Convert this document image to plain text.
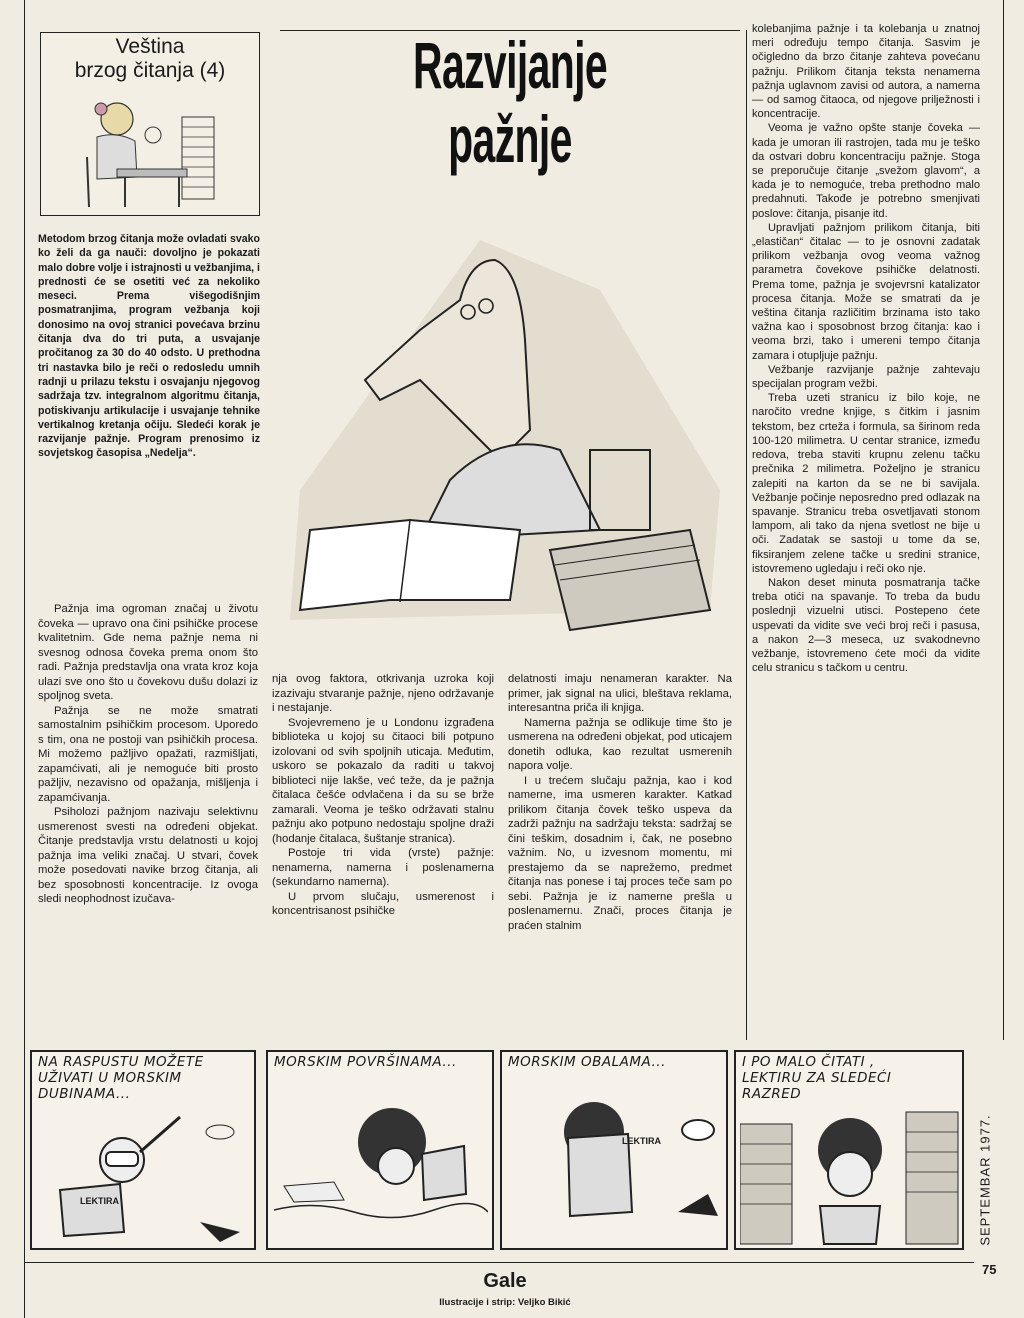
Veština
brzog čitanja (4)	Razvijanje
pažnje
Metodom brzog čitanja može ovladati svako ko želi da ga nauči: dovoljno je pokazati malo dobre volje i istrajnosti u vežbanjima, i prednosti će se osetiti već za nekoliko meseci. Prema višegodišnjim posmatranjima, program vežbanja koji donosimo na ovoj stranici povećava brzinu čitanja dva do tri puta, a usvajanje pročitanog za 30 do 40 odsto. U prethodna tri nastavka bilo je reči o redosledu umnih radnji u prilazu tekstu i osvajanju njegovog sadržaja tzv. integralnom algoritmu čitanja, potiskivanju artikulacije i usvajanje tehnike vertikalnog kretanja očiju. Sledeći korak je razvijanje pažnje. Program prenosimo iz sovjetskog časopisa „Nedelja“.

Pažnja ima ogroman značaj u životu čoveka — upravo ona čini psihičke procese kvalitetnim. Gde nema pažnje nema ni svesnog odnosa čoveka prema onom što radi. Pažnja predstavlja ona vrata kroz koja ulazi sve ono što u čovekovu dušu dolazi iz spoljnog sveta.

Pažnja se ne može smatrati samostalnim psihičkim procesom. Uporedo s tim, ona ne postoji van psihičkih procesa. Mi možemo pažljivo opažati, razmišljati, zapamćivati, ali je nemoguće biti prosto pažljiv, nezavisno od opažanja, mišljenja i zapamćivanja.

Psiholozi pažnjom nazivaju selektivnu usmerenost svesti na određeni objekat. Čitanje predstavlja vrstu delatnosti u kojoj pažnja ima veliki značaj. U stvari, čovek može posedovati navike brzog čitanja, ali bez sposobnosti koncentracije. Iz ovoga sledi neophodnost izučava-

nja ovog faktora, otkrivanja uzroka koji izazivaju stvaranje pažnje, njeno održavanje i nestajanje.

Svojevremeno je u Londonu izgrađena biblioteka u kojoj su čitaoci bili potpuno izolovani od svih spoljnih uticaja. Međutim, uskoro se pokazalo da raditi u takvoj biblioteci nije lakše, već teže, da je pažnja čitalaca češće odvlačena i da su se brže zamarali. Veoma je teško održavati stalnu pažnju ako potpuno nedostaju spoljne draži (hodanje čitalaca, šuštanje stranica).

Postoje tri vida (vrste) pažnje: nenamerna, namerna i poslenamerna (sekundarno namerna).

U prvom slučaju, usmerenost i koncentrisanost psihičke

delatnosti imaju nenameran karakter. Na primer, jak signal na ulici, bleštava reklama, interesantna priča ili knjiga.

Namerna pažnja se odlikuje time što je usmerena na određeni objekat, pod uticajem donetih odluka, kao rezultat usmerenih napora volje.

I u trećem slučaju pažnja, kao i kod namerne, ima usmeren karakter. Katkad prilikom čitanja čovek teško uspeva da zadrži pažnju na sadržaju teksta: sadržaj se čini teškim, dosadnim i, čak, ne posebno važnim. No, u izvesnom momentu, mi prestajemo da se naprežemo, predmet čitanja nas ponese i taj proces teče sam po sebi. Pažnja je iz namerne prešla u poslenamernu. Znači, proces čitanja je praćen stalnim

kolebanjima pažnje i ta kolebanja u znatnoj meri određuju tempo čitanja. Sasvim je očigledno da brzo čitanje zahteva povećanu pažnju. Prilikom čitanja teksta nenamerna pažnja uglavnom zavisi od autora, a namerna — od samog čitaoca, od njegove prilježnosti i koncentracije.

Veoma je važno opšte stanje čoveka — kada je umoran ili rastrojen, tada mu je teško da ostvari dobru koncentraciju pažnje. Stoga se preporučuje čitanje „svežom glavom“, a kada je to nemoguće, treba prethodno malo predahnuti. Takođe je potrebno smenjivati poslove: čitanja, pisanje itd.

Upravljati pažnjom prilikom čitanja, biti „elastičan“ čitalac — to je osnovni zadatak prilikom vežbanja ovog veoma važnog parametra čovekove psihičke delatnosti. Prema tome, pažnja je svojevrsni katalizator procesa čitanja. Može se smatrati da je veština čitanja različitim brzinama isto tako važna kao i sposobnost brzog čitanja: kao i veoma brzi, tako i umereni tempo čitanja zamara i otupljuje pažnju.

Vežbanje razvijanje pažnje zahtevaju specijalan program vežbi.

Treba uzeti stranicu iz bilo koje, ne naročito vredne knjige, s čitkim i jasnim tekstom, bez crteža i formula, sa širinom reda 100-120 milimetra. U centar stranice, između redova, treba staviti krupnu zelenu tačku prečnika 2 milimetra. Poželjno je stranicu zalepiti na karton da se ne bi savijala. Vežbanje počinje neposredno pred odlazak na spavanje. Stranicu treba osvetljavati stonom lampom, ali tako da njena svetlost ne bije u oči. Zadatak se sastoji u tome da se, fiksiranjem zelene tačke u sredini stranice, istovremeno ugledaju i reči oko nje.

Nakon deset minuta posmatranja tačke treba otići na spavanje. To treba da budu poslednji vizuelni utisci. Postepeno ćete uspevati da vidite sve veći broj reči i pasusa, a nakon 2—3 meseca, uz svakodnevno vežbanje, istovremeno ćete moći da vidite celu stranicu s tačkom u centru.

NA RASPUSTU MOŽETE
UŽIVATI U MORSKIM
DUBINAMA...
LEKTIRA
MORSKIM POVRŠINAMA...	MORSKIM OBALAMA...
LEKTIRA
I PO MALO ČITATI ,
LEKTIRU ZA SLEDEĆI
RAZRED
Gale
Ilustracije i strip: Veljko Bikić
SEPTEMBAR 1977.
75
